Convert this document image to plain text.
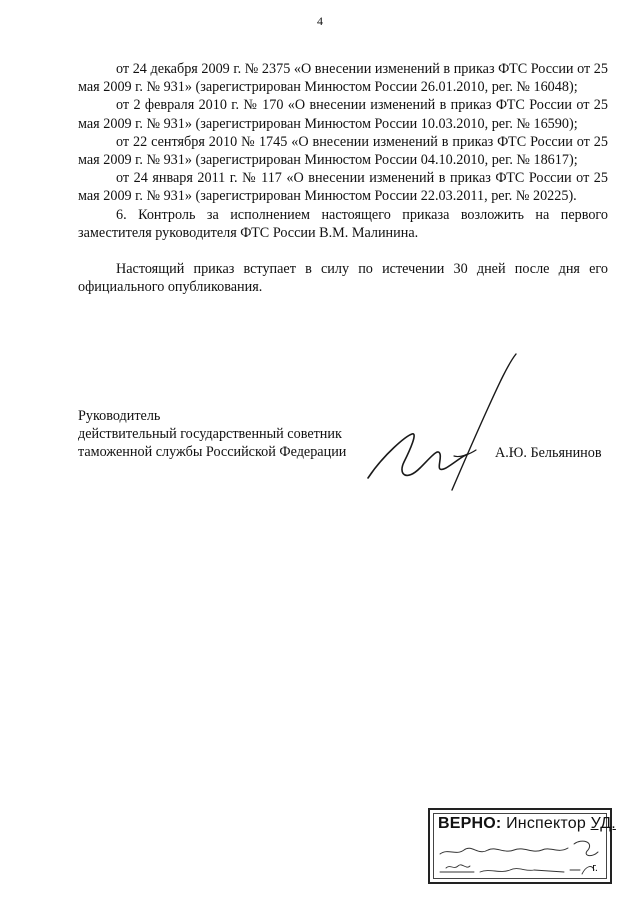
4

от 24 декабря 2009 г. № 2375 «О внесении изменений в приказ ФТС России от 25 мая 2009 г. № 931» (зарегистрирован Минюстом России 26.01.2010, рег. № 16048);

от 2 февраля 2010 г. № 170 «О внесении изменений в приказ ФТС России от 25 мая 2009 г. № 931» (зарегистрирован Минюстом России 10.03.2010, рег. № 16590);

от 22 сентября 2010 № 1745 «О внесении изменений в приказ ФТС России от 25 мая 2009 г. № 931» (зарегистрирован Минюстом России 04.10.2010, рег. № 18617);

от 24 января 2011 г. № 117 «О внесении изменений в приказ ФТС России от 25 мая 2009 г. № 931» (зарегистрирован Минюстом России 22.03.2011, рег. № 20225).

6. Контроль за исполнением настоящего приказа возложить на первого заместителя руководителя ФТС России В.М. Малинина.

Настоящий приказ вступает в силу по истечении 30 дней после дня его официального опубликования.

Руководитель

действительный государственный советник

таможенной службы Российской Федерации	А.Ю. Бельянинов
ВЕРНО: Инспектор УД.
г.
